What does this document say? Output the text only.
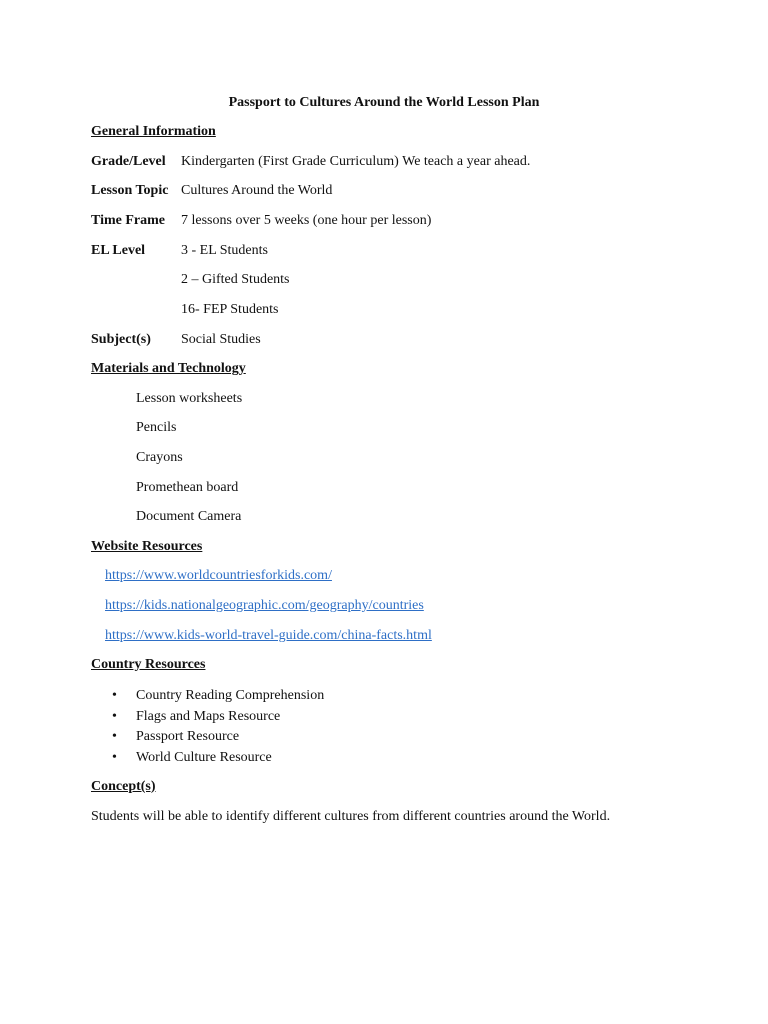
Passport to Cultures Around the World Lesson Plan
General Information
Grade/Level Kindergarten (First Grade Curriculum) We teach a year ahead.
Lesson Topic Cultures Around the World
Time Frame 7 lessons over 5 weeks (one hour per lesson)
EL Level	3 - EL Students
2 – Gifted Students
16- FEP Students
Subject(s) Social Studies
Materials and Technology
Lesson worksheets
Pencils
Crayons
Promethean board
Document Camera
Website Resources
https://www.worldcountriesforkids.com/
https://kids.nationalgeographic.com/geography/countries
https://www.kids-world-travel-guide.com/china-facts.html
Country Resources
• Country Reading Comprehension
• Flags and Maps Resource
• Passport Resource
• World Culture Resource
Concept(s)
Students will be able to identify different cultures from different countries around the World.
